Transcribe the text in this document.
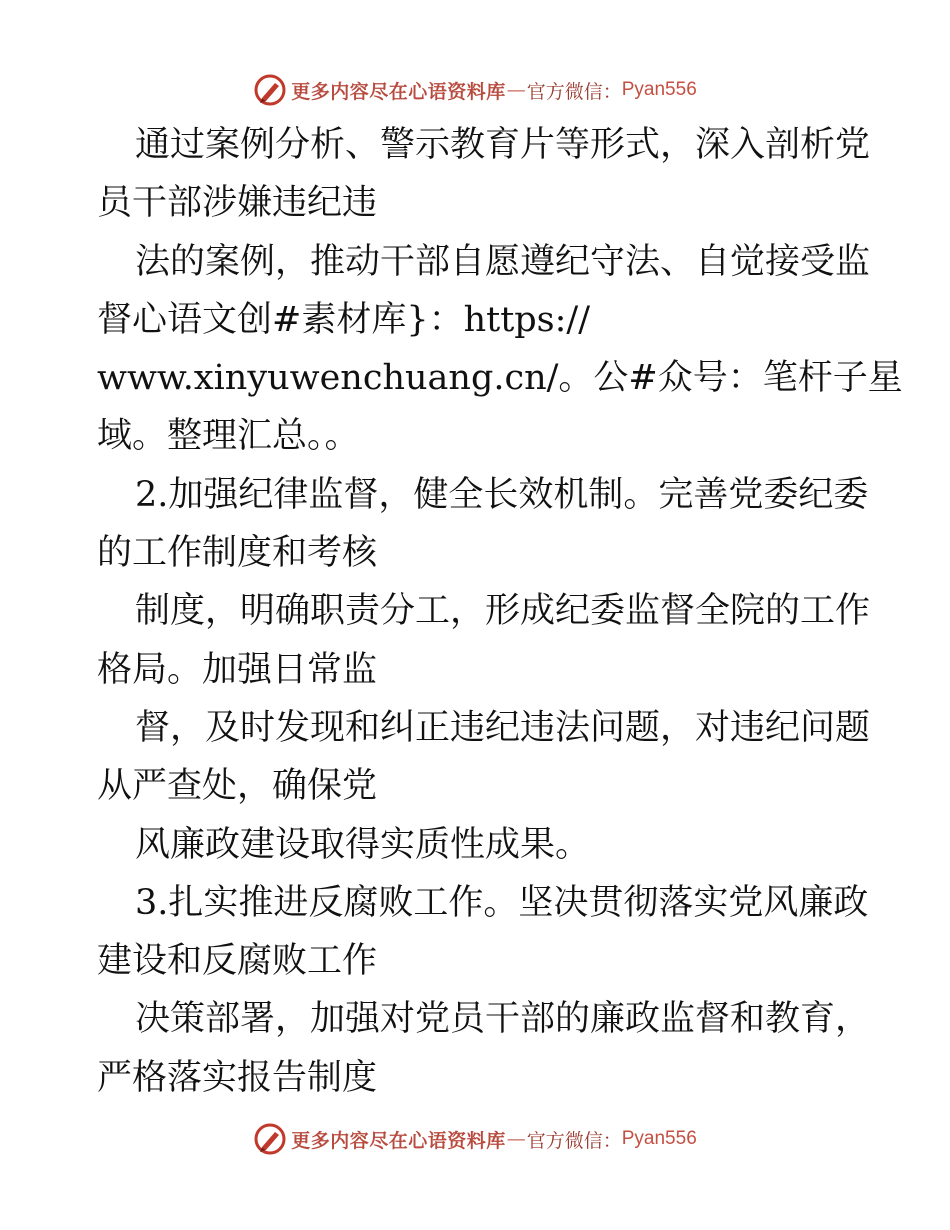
更多内容尽在心语资料库 — 官方微信： Pyan556
通过案例分析、警示教育片等形式，深入剖析党
员干部涉嫌违纪违
法的案例，推动干部自愿遵纪守法、自觉接受监
督心语文创#素材库}：https://
www.xinyuwenchuang.cn/。公#众号：笔杆子星
域。整理汇总。。
2.加强纪律监督，健全长效机制。完善党委纪委
的工作制度和考核
制度，明确职责分工，形成纪委监督全院的工作
格局。加强日常监
督，及时发现和纠正违纪违法问题，对违纪问题
从严查处，确保党
风廉政建设取得实质性成果。
3.扎实推进反腐败工作。坚决贯彻落实党风廉政
建设和反腐败工作
决策部署，加强对党员干部的廉政监督和教育，
严格落实报告制度
更多内容尽在心语资料库 — 官方微信： Pyan556
